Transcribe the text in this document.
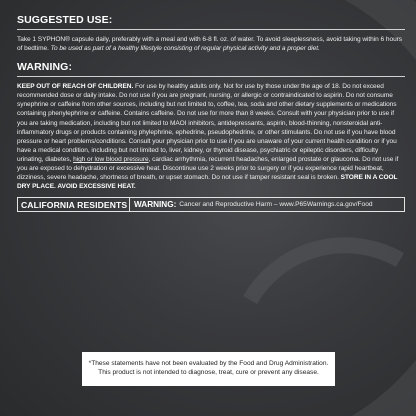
SUGGESTED USE:
Take 1 SYPHON® capsule daily, preferably with a meal and with 6-8 fl. oz. of water. To avoid sleeplessness, avoid taking within 6 hours of bedtime. To be used as part of a healthy lifestyle consisting of regular physical activity and a proper diet.
WARNING:
KEEP OUT OF REACH OF CHILDREN. For use by healthy adults only. Not for use by those under the age of 18. Do not exceed recommended dose or daily intake. Do not use if you are pregnant, nursing, or allergic or contraindicated to aspirin. Do not consume synephrine or caffeine from other sources, including but not limited to, coffee, tea, soda and other dietary supplements or medications containing phenylephrine or caffeine. Contains caffeine. Do not use for more than 8 weeks. Consult with your physician prior to use if you are taking medication, including but not limited to MAOI inhibitors, antidepressants, aspirin, blood-thinning, nonsteroidal anti-inflammatory drugs or products containing phylephrine, ephedrine, pseudophedrine, or other stimulants. Do not use if you have blood pressure or heart problems/conditions. Consult your physician prior to use if you are unaware of your current health condition or if you have a medical condition, including but not limited to, liver, kidney, or thyroid disease, psychiatric or epileptic disorders, difficulty urinating, diabetes, high or low blood pressure, cardiac arrhythmia, recurrent headaches, enlarged prostate or glaucoma. Do not use if you are exposed to dehydration or excessive heat. Discontinue use 2 weeks prior to surgery or if you experience rapid heartbeat, dizziness, severe headache, shortness of breath, or upset stomach. Do not use if tamper resistant seal is broken. STORE IN A COOL DRY PLACE. AVOID EXCESSIVE HEAT.
CALIFORNIA RESIDENTS WARNING: Cancer and Reproductive Harm – www.P65Warnings.ca.gov/Food
*These statements have not been evaluated by the Food and Drug Administration.
This product is not intended to diagnose, treat, cure or prevent any disease.
